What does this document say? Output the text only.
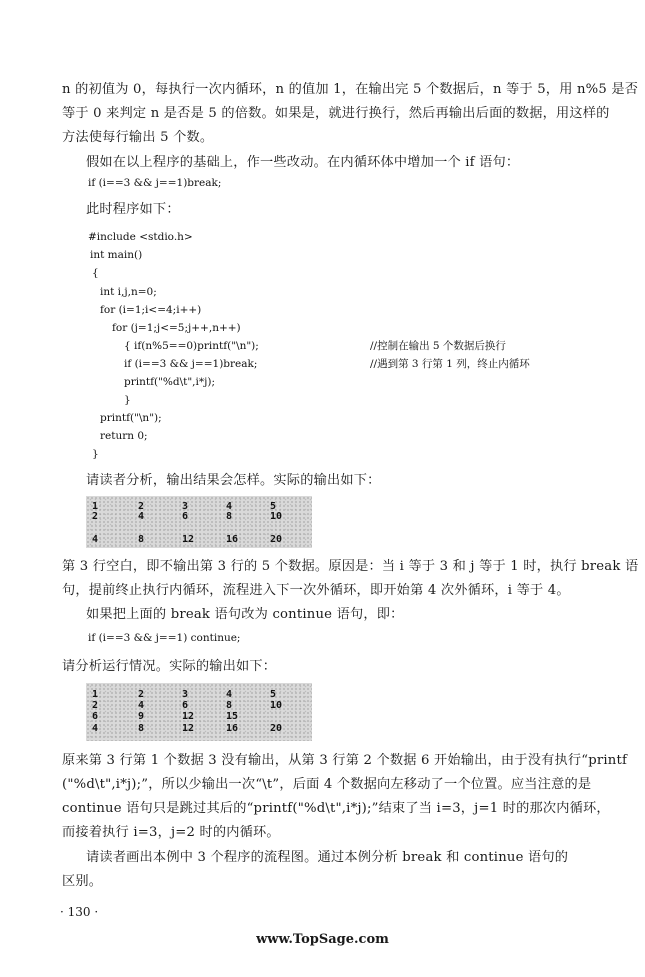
n 的初值为 0，每执行一次内循环，n 的值加 1，在输出完 5 个数据后，n 等于 5，用 n%5 是否
等于 0 来判定 n 是否是 5 的倍数。如果是，就进行换行，然后再输出后面的数据，用这样的
方法使每行输出 5 个数。
假如在以上程序的基础上，作一些改动。在内循环体中增加一个 if 语句：
if (i==3 && j==1)break;
此时程序如下：
#include <stdio.h>
int main()
{
int i,j,n=0;
for (i=1;i<=4;i++)
for (j=1;j<=5;j++,n++)
{ if(n%5==0)printf("\n");
if (i==3 && j==1)break;
printf("%d\t",i*j);
}
printf("\n");
return 0;
}
//控制在输出 5 个数据后换行
//遇到第 3 行第 1 列，终止内循环
请读者分析，输出结果会怎样。实际的输出如下：
1	2	3	4	5
2	4	6	8	10
4	8	12	16	20
第 3 行空白，即不输出第 3 行的 5 个数据。原因是：当 i 等于 3 和 j 等于 1 时，执行 break 语
句，提前终止执行内循环，流程进入下一次外循环，即开始第 4 次外循环，i 等于 4。
如果把上面的 break 语句改为 continue 语句，即：
if (i==3 && j==1) continue;
请分析运行情况。实际的输出如下：
1	2	3	4	5
2	4	6	8	10
6	9	12	15
4	8	12	16	20
原来第 3 行第 1 个数据 3 没有输出，从第 3 行第 2 个数据 6 开始输出，由于没有执行“printf
("%d\t",i*j);”，所以少输出一次“\t”，后面 4 个数据向左移动了一个位置。应当注意的是
continue 语句只是跳过其后的“printf("%d\t",i*j);”结束了当 i=3，j=1 时的那次内循环，
而接着执行 i=3，j=2 时的内循环。
请读者画出本例中 3 个程序的流程图。通过本例分析 break 和 continue 语句的
区别。
· 130 ·
www.TopSage.com
